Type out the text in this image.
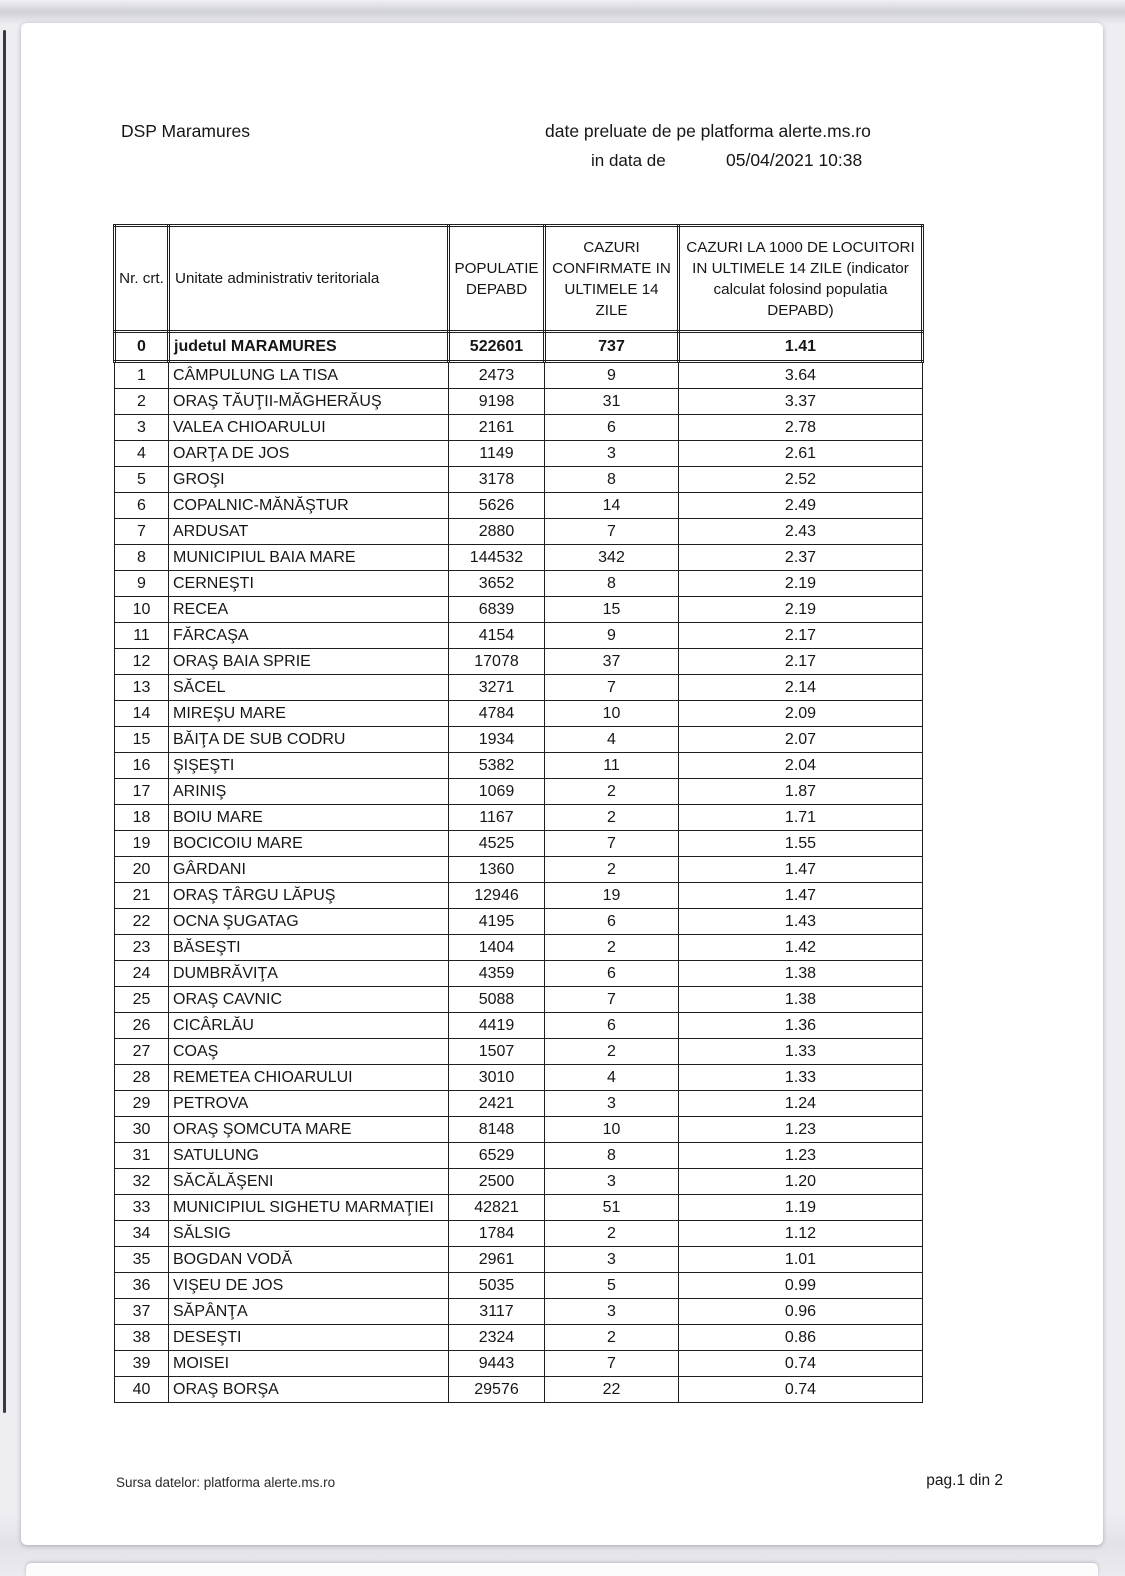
DSP Maramures	date preluate de pe platforma alerte.ms.ro
in data de	05/04/2021 10:38
Nr. crt.	Unitate administrativ teritoriala	POPULATIE DEPABD	CAZURI CONFIRMATE IN ULTIMELE 14 ZILE	CAZURI LA 1000 DE LOCUITORI IN ULTIMELE 14 ZILE (indicator calculat folosind populatia DEPABD)
0	judetul MARAMURES	522601	737	1.41
1	CÂMPULUNG LA TISA	2473	9	3.64
2	ORAŞ TĂUŢII-MĂGHERĂUŞ	9198	31	3.37
3	VALEA CHIOARULUI	2161	6	2.78
4	OARŢA DE JOS	1149	3	2.61
5	GROŞI	3178	8	2.52
6	COPALNIC-MĂNĂŞTUR	5626	14	2.49
7	ARDUSAT	2880	7	2.43
8	MUNICIPIUL BAIA MARE	144532	342	2.37
9	CERNEŞTI	3652	8	2.19
10	RECEA	6839	15	2.19
11	FĂRCAŞA	4154	9	2.17
12	ORAŞ BAIA SPRIE	17078	37	2.17
13	SĂCEL	3271	7	2.14
14	MIREŞU MARE	4784	10	2.09
15	BĂIŢA DE SUB CODRU	1934	4	2.07
16	ŞIŞEŞTI	5382	11	2.04
17	ARINIŞ	1069	2	1.87
18	BOIU MARE	1167	2	1.71
19	BOCICOIU MARE	4525	7	1.55
20	GÂRDANI	1360	2	1.47
21	ORAŞ TÂRGU LĂPUŞ	12946	19	1.47
22	OCNA ŞUGATAG	4195	6	1.43
23	BĂSEŞTI	1404	2	1.42
24	DUMBRĂVIŢA	4359	6	1.38
25	ORAŞ CAVNIC	5088	7	1.38
26	CICÂRLĂU	4419	6	1.36
27	COAŞ	1507	2	1.33
28	REMETEA CHIOARULUI	3010	4	1.33
29	PETROVA	2421	3	1.24
30	ORAŞ ŞOMCUTA MARE	8148	10	1.23
31	SATULUNG	6529	8	1.23
32	SĂCĂLĂŞENI	2500	3	1.20
33	MUNICIPIUL SIGHETU MARMAŢIEI	42821	51	1.19
34	SĂLSIG	1784	2	1.12
35	BOGDAN VODĂ	2961	3	1.01
36	VIŞEU DE JOS	5035	5	0.99
37	SĂPÂNŢA	3117	3	0.96
38	DESEŞTI	2324	2	0.86
39	MOISEI	9443	7	0.74
40	ORAŞ BORŞA	29576	22	0.74
Sursa datelor: platforma alerte.ms.ro	pag.1 din 2
